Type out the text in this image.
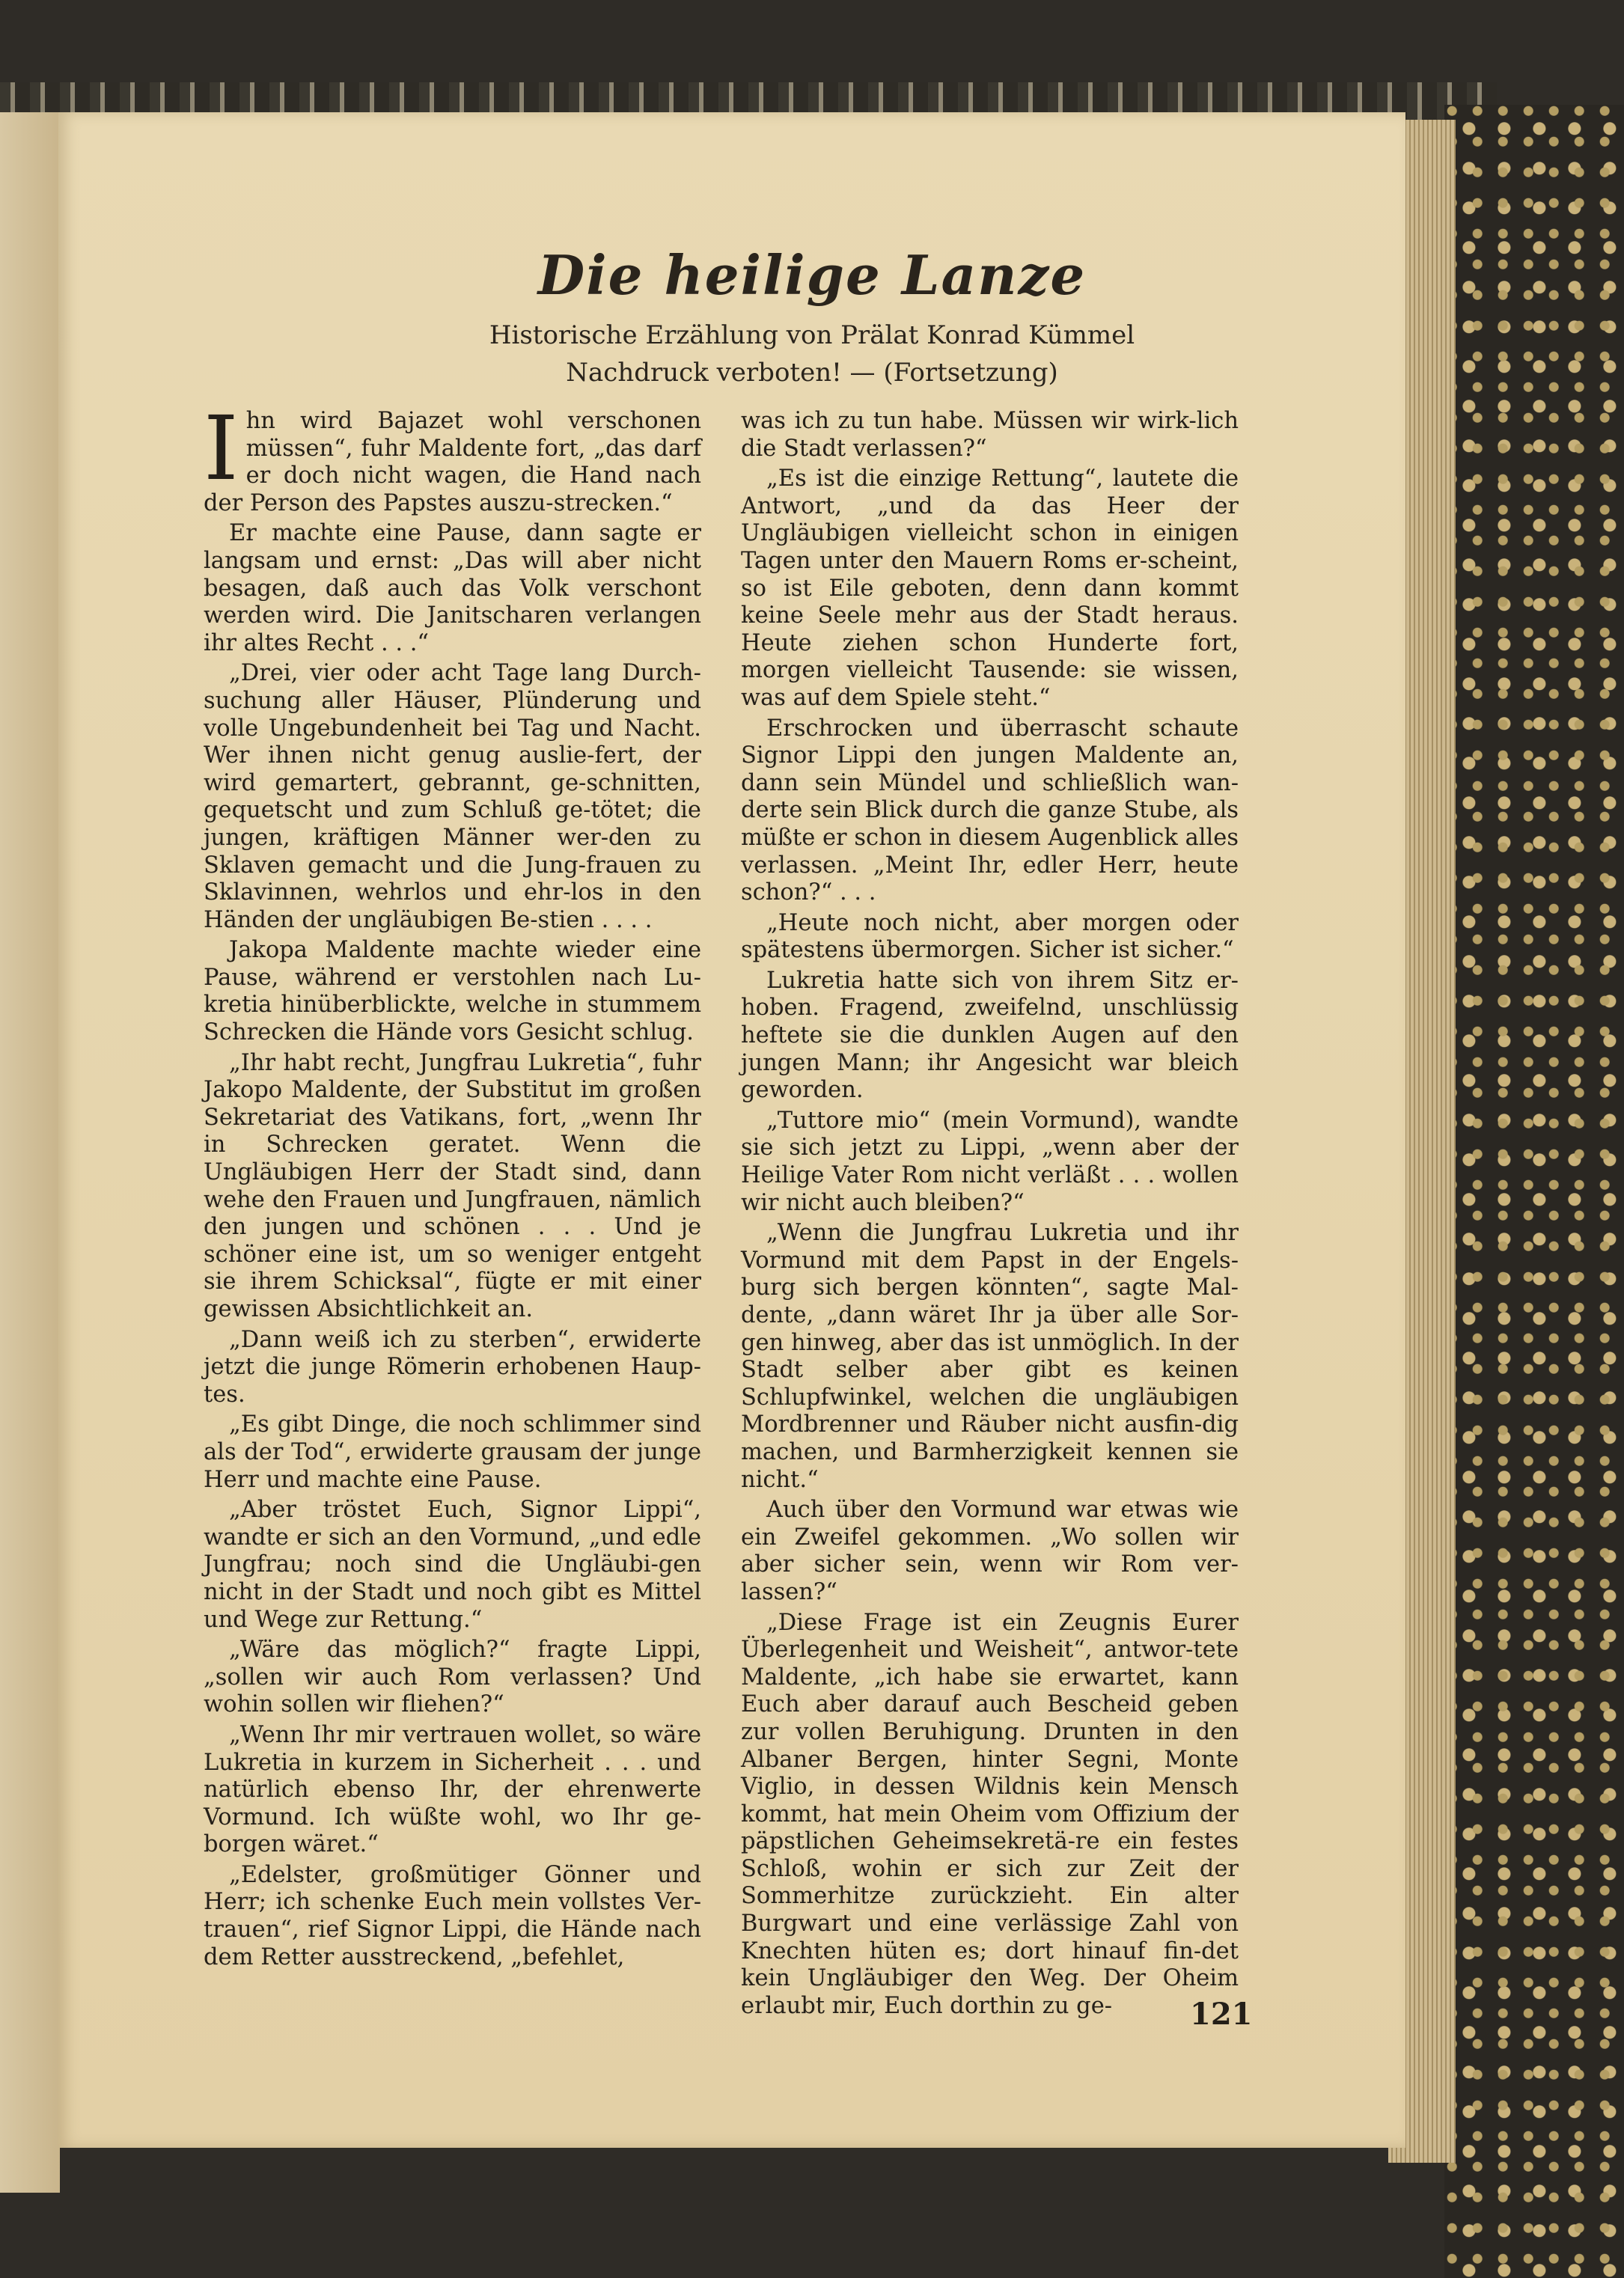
Die heilige Lanze
Historische Erzählung von Prälat Konrad Kümmel
Nachdruck verboten! — (Fortsetzung)

Ihn wird Bajazet wohl verschonen müssen“, fuhr Maldente fort, „das darf er doch nicht wagen, die Hand nach der Person des Papstes auszu-strecken.“

Er machte eine Pause, dann sagte er langsam und ernst: „Das will aber nicht besagen, daß auch das Volk verschont werden wird. Die Janitscharen verlangen ihr altes Recht . . .“

„Drei, vier oder acht Tage lang Durch-suchung aller Häuser, Plünderung und volle Ungebundenheit bei Tag und Nacht. Wer ihnen nicht genug auslie-fert, der wird gemartert, gebrannt, ge-schnitten, gequetscht und zum Schluß ge-tötet; die jungen, kräftigen Männer wer-den zu Sklaven gemacht und die Jung-frauen zu Sklavinnen, wehrlos und ehr-los in den Händen der ungläubigen Be-stien . . . .

Jakopa Maldente machte wieder eine Pause, während er verstohlen nach Lu-kretia hinüberblickte, welche in stummem Schrecken die Hände vors Gesicht schlug.

„Ihr habt recht, Jungfrau Lukretia“, fuhr Jakopo Maldente, der Substitut im großen Sekretariat des Vatikans, fort, „wenn Ihr in Schrecken geratet. Wenn die Ungläubigen Herr der Stadt sind, dann wehe den Frauen und Jungfrauen, nämlich den jungen und schönen . . . Und je schöner eine ist, um so weniger entgeht sie ihrem Schicksal“, fügte er mit einer gewissen Absichtlichkeit an.

„Dann weiß ich zu sterben“, erwiderte jetzt die junge Römerin erhobenen Haup-tes.

„Es gibt Dinge, die noch schlimmer sind als der Tod“, erwiderte grausam der junge Herr und machte eine Pause.

„Aber tröstet Euch, Signor Lippi“, wandte er sich an den Vormund, „und edle Jungfrau; noch sind die Ungläubi-gen nicht in der Stadt und noch gibt es Mittel und Wege zur Rettung.“

„Wäre das möglich?“ fragte Lippi, „sollen wir auch Rom verlassen? Und wohin sollen wir fliehen?“

„Wenn Ihr mir vertrauen wollet, so wäre Lukretia in kurzem in Sicherheit . . . und natürlich ebenso Ihr, der ehrenwerte Vormund. Ich wüßte wohl, wo Ihr ge-borgen wäret.“

„Edelster, großmütiger Gönner und Herr; ich schenke Euch mein vollstes Ver-trauen“, rief Signor Lippi, die Hände nach dem Retter ausstreckend, „befehlet,

was ich zu tun habe. Müssen wir wirk-lich die Stadt verlassen?“

„Es ist die einzige Rettung“, lautete die Antwort, „und da das Heer der Ungläubigen vielleicht schon in einigen Tagen unter den Mauern Roms er-scheint, so ist Eile geboten, denn dann kommt keine Seele mehr aus der Stadt heraus. Heute ziehen schon Hunderte fort, morgen vielleicht Tausende: sie wissen, was auf dem Spiele steht.“

Erschrocken und überrascht schaute Signor Lippi den jungen Maldente an, dann sein Mündel und schließlich wan-derte sein Blick durch die ganze Stube, als müßte er schon in diesem Augenblick alles verlassen. „Meint Ihr, edler Herr, heute schon?“ . . .

„Heute noch nicht, aber morgen oder spätestens übermorgen. Sicher ist sicher.“

Lukretia hatte sich von ihrem Sitz er-hoben. Fragend, zweifelnd, unschlüssig heftete sie die dunklen Augen auf den jungen Mann; ihr Angesicht war bleich geworden.

„Tuttore mio“ (mein Vormund), wandte sie sich jetzt zu Lippi, „wenn aber der Heilige Vater Rom nicht verläßt . . . wollen wir nicht auch bleiben?“

„Wenn die Jungfrau Lukretia und ihr Vormund mit dem Papst in der Engels-burg sich bergen könnten“, sagte Mal-dente, „dann wäret Ihr ja über alle Sor-gen hinweg, aber das ist unmöglich. In der Stadt selber aber gibt es keinen Schlupfwinkel, welchen die ungläubigen Mordbrenner und Räuber nicht ausfin-dig machen, und Barmherzigkeit kennen sie nicht.“

Auch über den Vormund war etwas wie ein Zweifel gekommen. „Wo sollen wir aber sicher sein, wenn wir Rom ver-lassen?“

„Diese Frage ist ein Zeugnis Eurer Überlegenheit und Weisheit“, antwor-tete Maldente, „ich habe sie erwartet, kann Euch aber darauf auch Bescheid geben zur vollen Beruhigung. Drunten in den Albaner Bergen, hinter Segni, Monte Viglio, in dessen Wildnis kein Mensch kommt, hat mein Oheim vom Offizium der päpstlichen Geheimsekretä-re ein festes Schloß, wohin er sich zur Zeit der Sommerhitze zurückzieht. Ein alter Burgwart und eine verlässige Zahl von Knechten hüten es; dort hinauf fin-det kein Ungläubiger den Weg. Der Oheim erlaubt mir, Euch dorthin zu ge-	121
